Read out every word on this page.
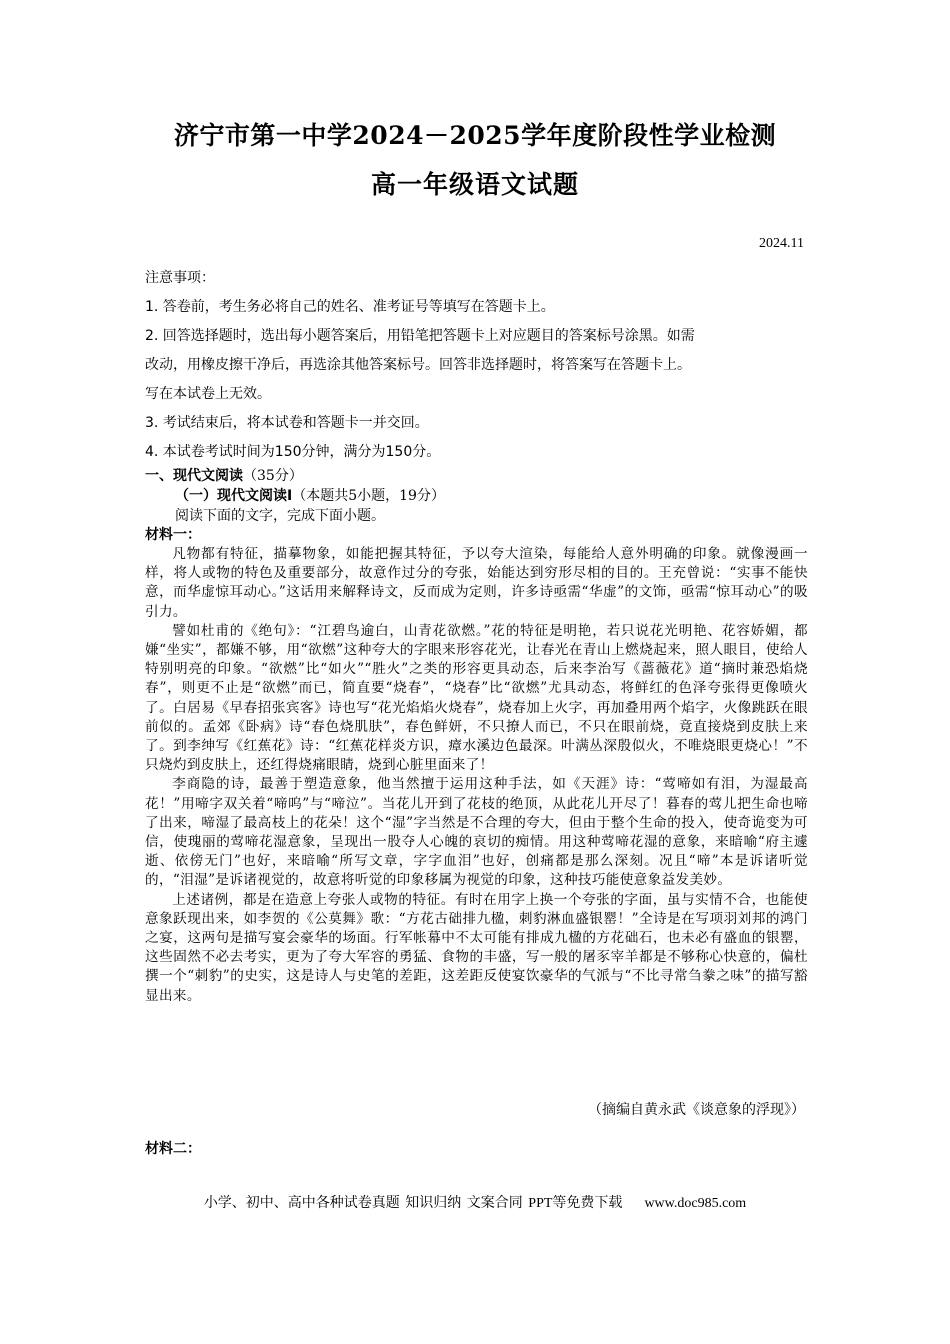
济宁市第一中学2024－2025学年度阶段性学业检测
高一年级语文试题
2024.11
注意事项：
1. 答卷前，考生务必将自己的姓名、准考证号等填写在答题卡上。
2. 回答选择题时，选出每小题答案后，用铅笔把答题卡上对应题目的答案标号涂黑。如需
改动，用橡皮擦干净后，再选涂其他答案标号。回答非选择题时，将答案写在答题卡上。
写在本试卷上无效。
3. 考试结束后，将本试卷和答题卡一并交回。
4. 本试卷考试时间为150分钟，满分为150分。
一、现代文阅读（35分）
（一）现代文阅读Ⅰ（本题共5小题，19分）
阅读下面的文字，完成下面小题。
材料一：

凡物都有特征，描摹物象，如能把握其特征，予以夸大渲染，每能给人意外明确的印象。就像漫画一样，将人或物的特色及重要部分，故意作过分的夸张，始能达到穷形尽相的目的。王充曾说：“实事不能快意，而华虚惊耳动心。”这话用来解释诗文，反而成为定则，许多诗亟需“华虚”的文饰，亟需“惊耳动心”的吸引力。

譬如杜甫的《绝句》：“江碧鸟逾白，山青花欲燃。”花的特征是明艳，若只说花光明艳、花容娇媚，都嫌“坐实”，都嫌不够，用“欲燃”这种夸大的字眼来形容花光，让春光在青山上燃烧起来，照人眼目，使给人特别明亮的印象。“欲燃”比“如火”“胜火”之类的形容更具动态，后来李治写《蔷薇花》道“摘时兼恐焰烧春”，则更不止是“欲燃”而已，简直要“烧春”，“烧春”比“欲燃”尤具动态，将鲜红的色泽夸张得更像喷火了。白居易《早春招张宾客》诗也写“花光焰焰火烧春”，烧春加上火字，再加叠用两个焰字，火像跳跃在眼前似的。孟郊《卧病》诗“春色烧肌肤”，春色鲜妍，不只撩人而已，不只在眼前烧，竟直接烧到皮肤上来了。到李绅写《红蕉花》诗：“红蕉花样炎方识，瘴水溪边色最深。叶满丛深殷似火，不唯烧眼更烧心！”不只烧灼到皮肤上，还红得烧痛眼睛，烧到心脏里面来了！

李商隐的诗，最善于塑造意象，他当然擅于运用这种手法，如《天涯》诗：“莺啼如有泪，为湿最高花！”用啼字双关着“啼呜”与“啼泣”。当花儿开到了花枝的绝顶，从此花儿开尽了！暮春的莺儿把生命也啼了出来，啼湿了最高枝上的花朵！这个“湿”字当然是不合理的夸大，但由于整个生命的投入，使奇诡变为可信，使瑰丽的莺啼花湿意象，呈现出一股夺人心魄的哀切的痴情。用这种莺啼花湿的意象，来暗喻“府主遽逝、依傍无门”也好，来暗喻“所写文章，字字血泪”也好，创痛都是那么深刻。况且“啼”本是诉诸听觉的，“泪湿”是诉诸视觉的，故意将听觉的印象移属为视觉的印象，这种技巧能使意象益发美妙。

上述诸例，都是在造意上夸张人或物的特征。有时在用字上换一个夸张的字面，虽与实情不合，也能使意象跃现出来，如李贺的《公莫舞》歌：“方花古础排九楹，刺豹淋血盛银罂！”全诗是在写项羽刘邦的鸿门之宴，这两句是描写宴会豪华的场面。行军帐幕中不太可能有排成九楹的方花础石，也未必有盛血的银罂，这些固然不必去考实，更为了夸大军容的勇猛、食物的丰盛，写一般的屠豕宰羊都是不够称心快意的，偏杜撰一个“刺豹”的史实，这是诗人与史笔的差距，这差距反使宴饮豪华的气派与“不比寻常刍豢之味”的描写豁显出来。

（摘编自黄永武《谈意象的浮现》）
材料二：
小学、初中、高中各种试卷真题 知识归纳 文案合同 PPT等免费下载 www.doc985.com
